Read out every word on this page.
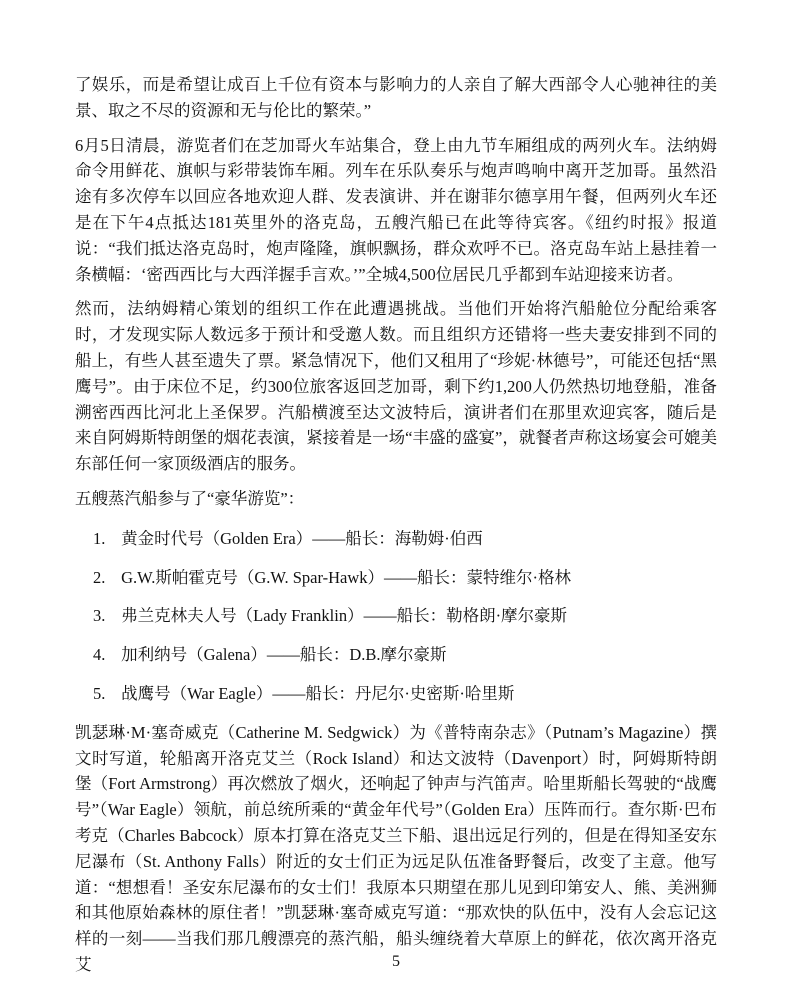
了娱乐，而是希望让成百上千位有资本与影响力的人亲自了解大西部令人心驰神往的美景、取之不尽的资源和无与伦比的繁荣。”

6月5日清晨，游览者们在芝加哥火车站集合，登上由九节车厢组成的两列火车。法纳姆命令用鲜花、旗帜与彩带装饰车厢。列车在乐队奏乐与炮声鸣响中离开芝加哥。虽然沿途有多次停车以回应各地欢迎人群、发表演讲、并在谢菲尔德享用午餐，但两列火车还是在下午4点抵达181英里外的洛克岛，五艘汽船已在此等待宾客。《纽约时报》报道说：“我们抵达洛克岛时，炮声隆隆，旗帜飘扬，群众欢呼不已。洛克岛车站上悬挂着一条横幅：‘密西西比与大西洋握手言欢。’”全城4,500位居民几乎都到车站迎接来访者。

然而，法纳姆精心策划的组织工作在此遭遇挑战。当他们开始将汽船舱位分配给乘客时，才发现实际人数远多于预计和受邀人数。而且组织方还错将一些夫妻安排到不同的船上，有些人甚至遗失了票。紧急情况下，他们又租用了“珍妮·林德号”，可能还包括“黑鹰号”。由于床位不足，约300位旅客返回芝加哥，剩下约1,200人仍然热切地登船，准备溯密西西比河北上圣保罗。汽船横渡至达文波特后，演讲者们在那里欢迎宾客，随后是来自阿姆斯特朗堡的烟花表演，紧接着是一场“丰盛的盛宴”，就餐者声称这场宴会可媲美东部任何一家顶级酒店的服务。

五艘蒸汽船参与了“豪华游览”：

1. 黄金时代号（Golden Era）——船长：海勒姆·伯西
2. G.W.斯帕霍克号（G.W. Spar-Hawk）——船长：蒙特维尔·格林
3. 弗兰克林夫人号（Lady Franklin）——船长：勒格朗·摩尔豪斯
4. 加利纳号（Galena）——船长：D.B.摩尔豪斯
5. 战鹰号（War Eagle）——船长：丹尼尔·史密斯·哈里斯

凯瑟琳·M·塞奇威克（Catherine M. Sedgwick）为《普特南杂志》（Putnam’s Magazine）撰文时写道，轮船离开洛克艾兰（Rock Island）和达文波特（Davenport）时，阿姆斯特朗堡（Fort Armstrong）再次燃放了烟火，还响起了钟声与汽笛声。哈里斯船长驾驶的“战鹰号”（War Eagle）领航，前总统所乘的“黄金年代号”（Golden Era）压阵而行。查尔斯·巴布考克（Charles Babcock）原本打算在洛克艾兰下船、退出远足行列的，但是在得知圣安东尼瀑布（St. Anthony Falls）附近的女士们正为远足队伍准备野餐后，改变了主意。他写道：“想想看！圣安东尼瀑布的女士们！我原本只期望在那儿见到印第安人、熊、美洲狮和其他原始森林的原住者！”凯瑟琳·塞奇威克写道：“那欢快的队伍中，没有人会忘记这样的一刻——当我们那几艘漂亮的蒸汽船，船头缠绕着大草原上的鲜花，依次离开洛克艾	5
